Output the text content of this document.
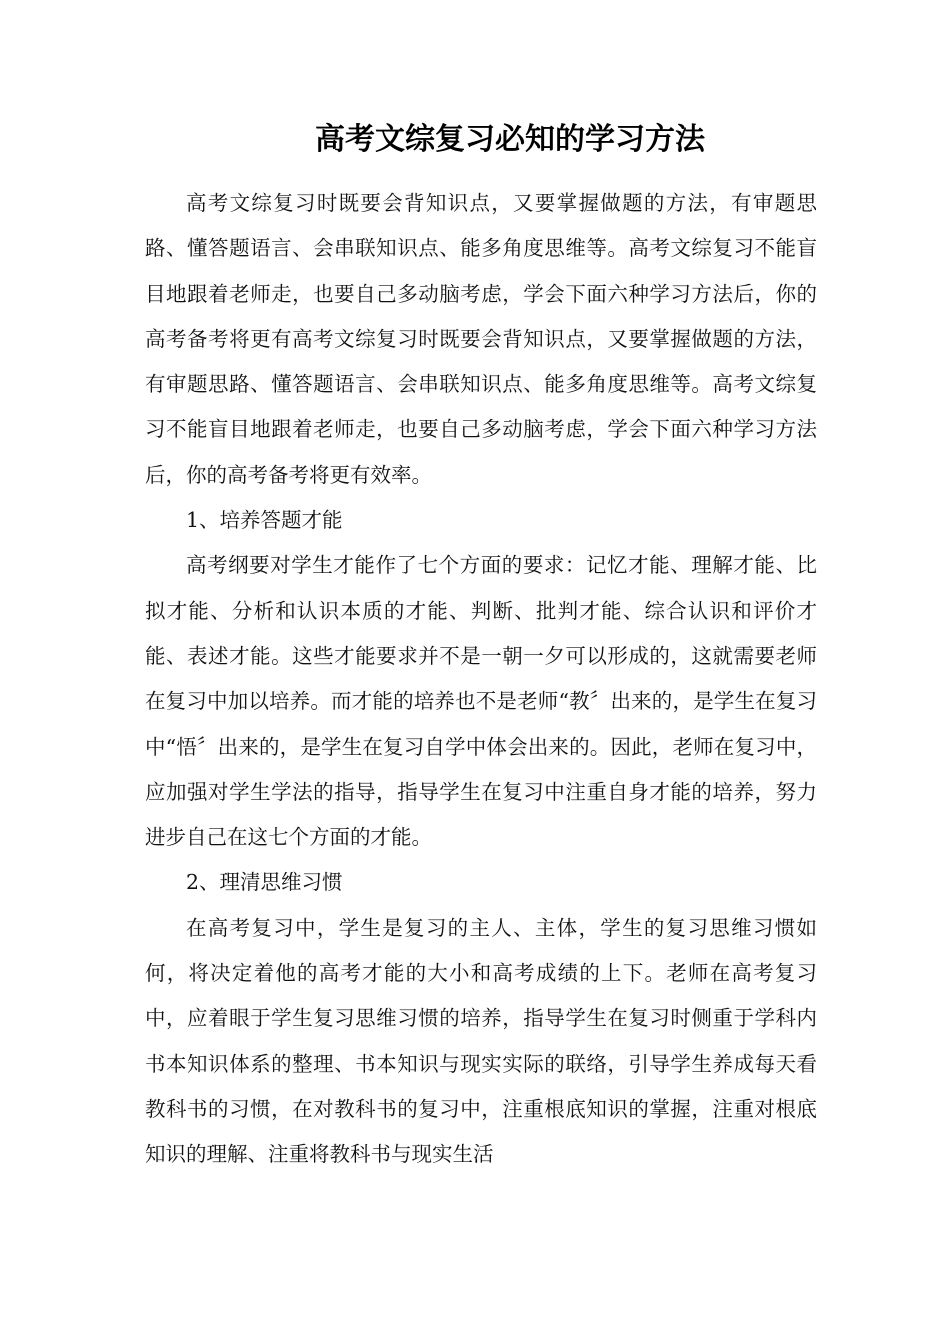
高考文综复习必知的学习方法

高考文综复习时既要会背知识点，又要掌握做题的方法，有审题思路、懂答题语言、会串联知识点、能多角度思维等。高考文综复习不能盲目地跟着老师走，也要自己多动脑考虑，学会下面六种学习方法后，你的高考备考将更有高考文综复习时既要会背知识点，又要掌握做题的方法，有审题思路、懂答题语言、会串联知识点、能多角度思维等。高考文综复习不能盲目地跟着老师走，也要自己多动脑考虑，学会下面六种学习方法后，你的高考备考将更有效率。

1、培养答题才能

高考纲要对学生才能作了七个方面的要求：记忆才能、理解才能、比拟才能、分析和认识本质的才能、判断、批判才能、综合认识和评价才能、表述才能。这些才能要求并不是一朝一夕可以形成的，这就需要老师在复习中加以培养。而才能的培养也不是老师“教〞出来的，是学生在复习中“悟〞出来的，是学生在复习自学中体会出来的。因此，老师在复习中，应加强对学生学法的指导，指导学生在复习中注重自身才能的培养，努力进步自己在这七个方面的才能。

2、理清思维习惯

在高考复习中，学生是复习的主人、主体，学生的复习思维习惯如何，将决定着他的高考才能的大小和高考成绩的上下。老师在高考复习中，应着眼于学生复习思维习惯的培养，指导学生在复习时侧重于学科内书本知识体系的整理、书本知识与现实实际的联络，引导学生养成每天看教科书的习惯，在对教科书的复习中，注重根底知识的掌握，注重对根底知识的理解、注重将教科书与现实生活
